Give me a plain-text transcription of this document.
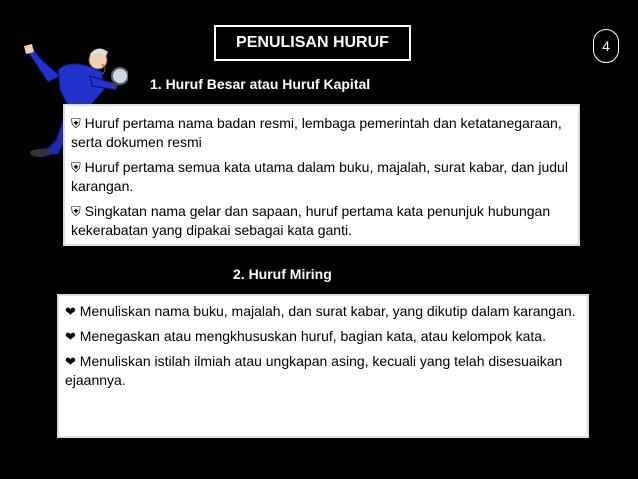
PENULISAN HURUF	4
1. Huruf Besar atau Huruf Kapital
⛨ Huruf pertama nama badan resmi, lembaga pemerintah dan ketatanegaraan, serta dokumen resmi
⛨ Huruf pertama semua kata utama dalam buku, majalah, surat kabar, dan judul karangan.
⛨ Singkatan nama gelar dan sapaan, huruf pertama kata penunjuk hubungan kekerabatan yang dipakai sebagai kata ganti.
2. Huruf Miring
❤ Menuliskan nama buku, majalah, dan surat kabar, yang dikutip dalam karangan.
❤ Menegaskan atau mengkhususkan huruf, bagian kata, atau kelompok kata.
❤ Menuliskan istilah ilmiah atau ungkapan asing, kecuali yang telah disesuaikan ejaannya.
